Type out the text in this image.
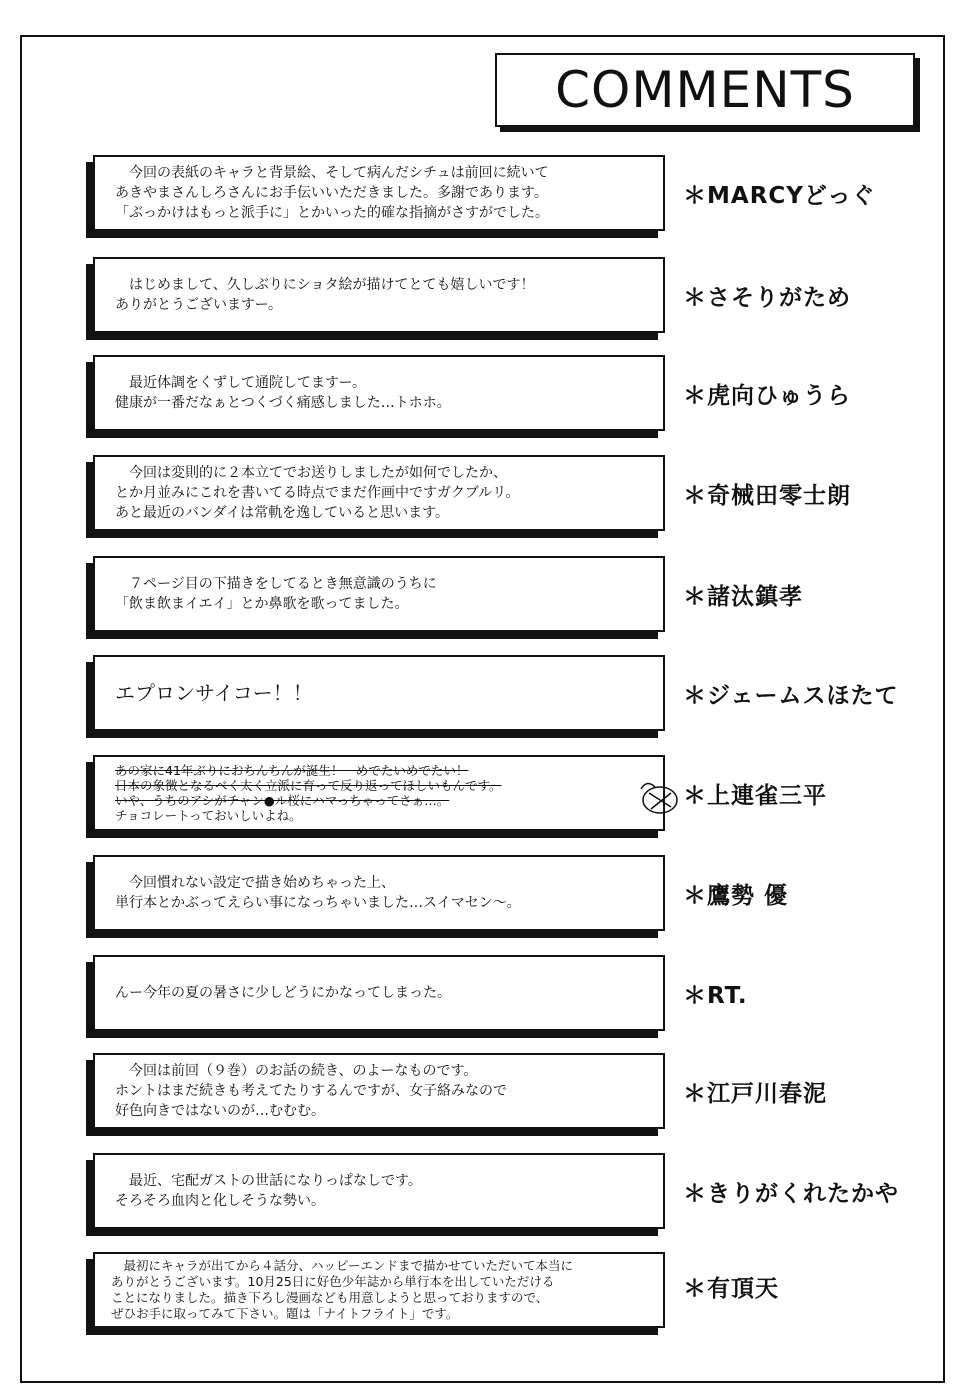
COMMENTS
　今回の表紙のキャラと背景絵、そして病んだシチュは前回に続いて
あきやまさんしろさんにお手伝いいただきました。多謝であります。
「ぶっかけはもっと派手に」とかいった的確な指摘がさすがでした。
＊MARCYどっぐ
　はじめまして、久しぶりにショタ絵が描けてとても嬉しいです！
ありがとうございますー。	＊さそりがため
　最近体調をくずして通院してますー。
健康が一番だなぁとつくづく痛感しました…トホホ。	＊虎向ひゅうら
　今回は変則的に２本立てでお送りしましたが如何でしたか、
とか月並みにこれを書いてる時点でまだ作画中ですガクブルリ。
あと最近のバンダイは常軌を逸していると思います。
＊奇械田零士朗
　７ページ目の下描きをしてるとき無意識のうちに
「飲ま飲まイエイ」とか鼻歌を歌ってました。	＊諸汰鎮孝
エプロンサイコー！！	＊ジェームスほたて
あの家に41年ぶりにおちんちんが誕生！　めでたいめでたい！
日本の象徴となるべく太く立派に育って反り返ってほしいもんです。
いや、うちのアシがチャン●ル桜にハマっちゃってさぁ…。
チョコレートっておいしいよね。
＊上連雀三平
　今回慣れない設定で描き始めちゃった上、
単行本とかぶってえらい事になっちゃいました…スイマセン～。	＊鷹勢 優
んー今年の夏の暑さに少しどうにかなってしまった。	＊RT.
　今回は前回（９巻）のお話の続き、のよーなものです。
ホントはまだ続きも考えてたりするんですが、女子絡みなので
好色向きではないのが…むむむ。
＊江戸川春泥
　最近、宅配ガストの世話になりっぱなしです。
そろそろ血肉と化しそうな勢い。	＊きりがくれたかや
　最初にキャラが出てから４話分、ハッピーエンドまで描かせていただいて本当に
ありがとうございます。10月25日に好色少年誌から単行本を出していただける
ことになりました。描き下ろし漫画なども用意しようと思っておりますので、
ぜひお手に取ってみて下さい。題は「ナイトフライト」です。
＊有頂天
